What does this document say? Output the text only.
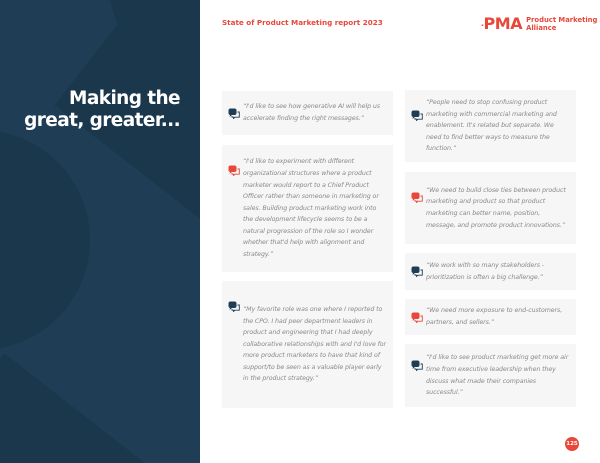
Making the
great, greater...
State of Product Marketing report 2023	.PMA Product Marketing
Alliance
“I'd like to see how generative AI will help us accelerate finding the right messages.”
“I'd like to experiment with different organizational structures where a product marketer would report to a Chief Product Officer rather than someone in marketing or sales. Building product marketing work into the development lifecycle seems to be a natural progression of the role so I wonder whether that'd help with alignment and strategy.”
“My favorite role was one where I reported to the CPO. I had peer department leaders in product and engineering that I had deeply collaborative relationships with and I'd love for more product marketers to have that kind of support/to be seen as a valuable player early in the product strategy.”
“People need to stop confusing product marketing with commercial marketing and enablement. It's related but separate. We need to find better ways to measure the function.”
“We need to build close ties between product marketing and product so that product marketing can better name, position, message, and promote product innovations.”
“We work with so many stakeholders - prioritization is often a big challenge.”
“We need more exposure to end-customers, partners, and sellers.”
“I'd like to see product marketing get more air time from executive leadership when they discuss what made their companies successful.”
125
